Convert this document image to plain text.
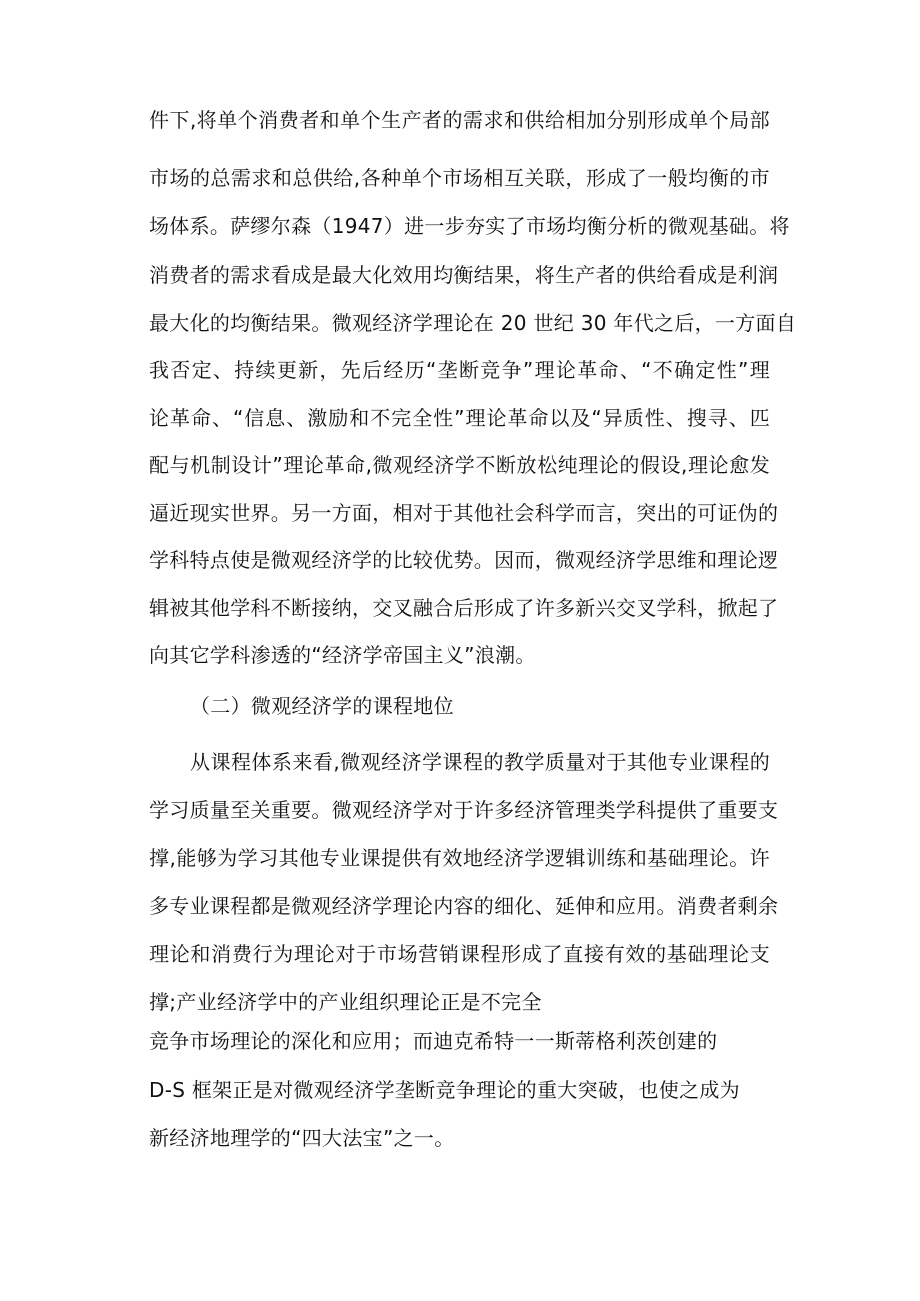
件下,将单个消费者和单个生产者的需求和供给相加分别形成单个局部
市场的总需求和总供给,各种单个市场相互关联，形成了一般均衡的市
场体系。萨缪尔森（1947）进一步夯实了市场均衡分析的微观基础。将
消费者的需求看成是最大化效用均衡结果，将生产者的供给看成是利润
最大化的均衡结果。微观经济学理论在 20 世纪 30 年代之后，一方面自
我否定、持续更新，先后经历“垄断竞争”理论革命、“不确定性”理
论革命、“信息、激励和不完全性”理论革命以及“异质性、搜寻、匹
配与机制设计”理论革命,微观经济学不断放松纯理论的假设,理论愈发
逼近现实世界。另一方面，相对于其他社会科学而言，突出的可证伪的
学科特点使是微观经济学的比较优势。因而，微观经济学思维和理论逻
辑被其他学科不断接纳，交叉融合后形成了许多新兴交叉学科，掀起了
向其它学科渗透的“经济学帝国主义”浪潮。
（二）微观经济学的课程地位
从课程体系来看,微观经济学课程的教学质量对于其他专业课程的
学习质量至关重要。微观经济学对于许多经济管理类学科提供了重要支
撑,能够为学习其他专业课提供有效地经济学逻辑训练和基础理论。许
多专业课程都是微观经济学理论内容的细化、延伸和应用。消费者剩余
理论和消费行为理论对于市场营销课程形成了直接有效的基础理论支
撑;产业经济学中的产业组织理论正是不完全
竞争市场理论的深化和应用；而迪克希特一一斯蒂格利茨创建的
D-S 框架正是对微观经济学垄断竞争理论的重大突破，也使之成为
新经济地理学的“四大法宝”之一。
